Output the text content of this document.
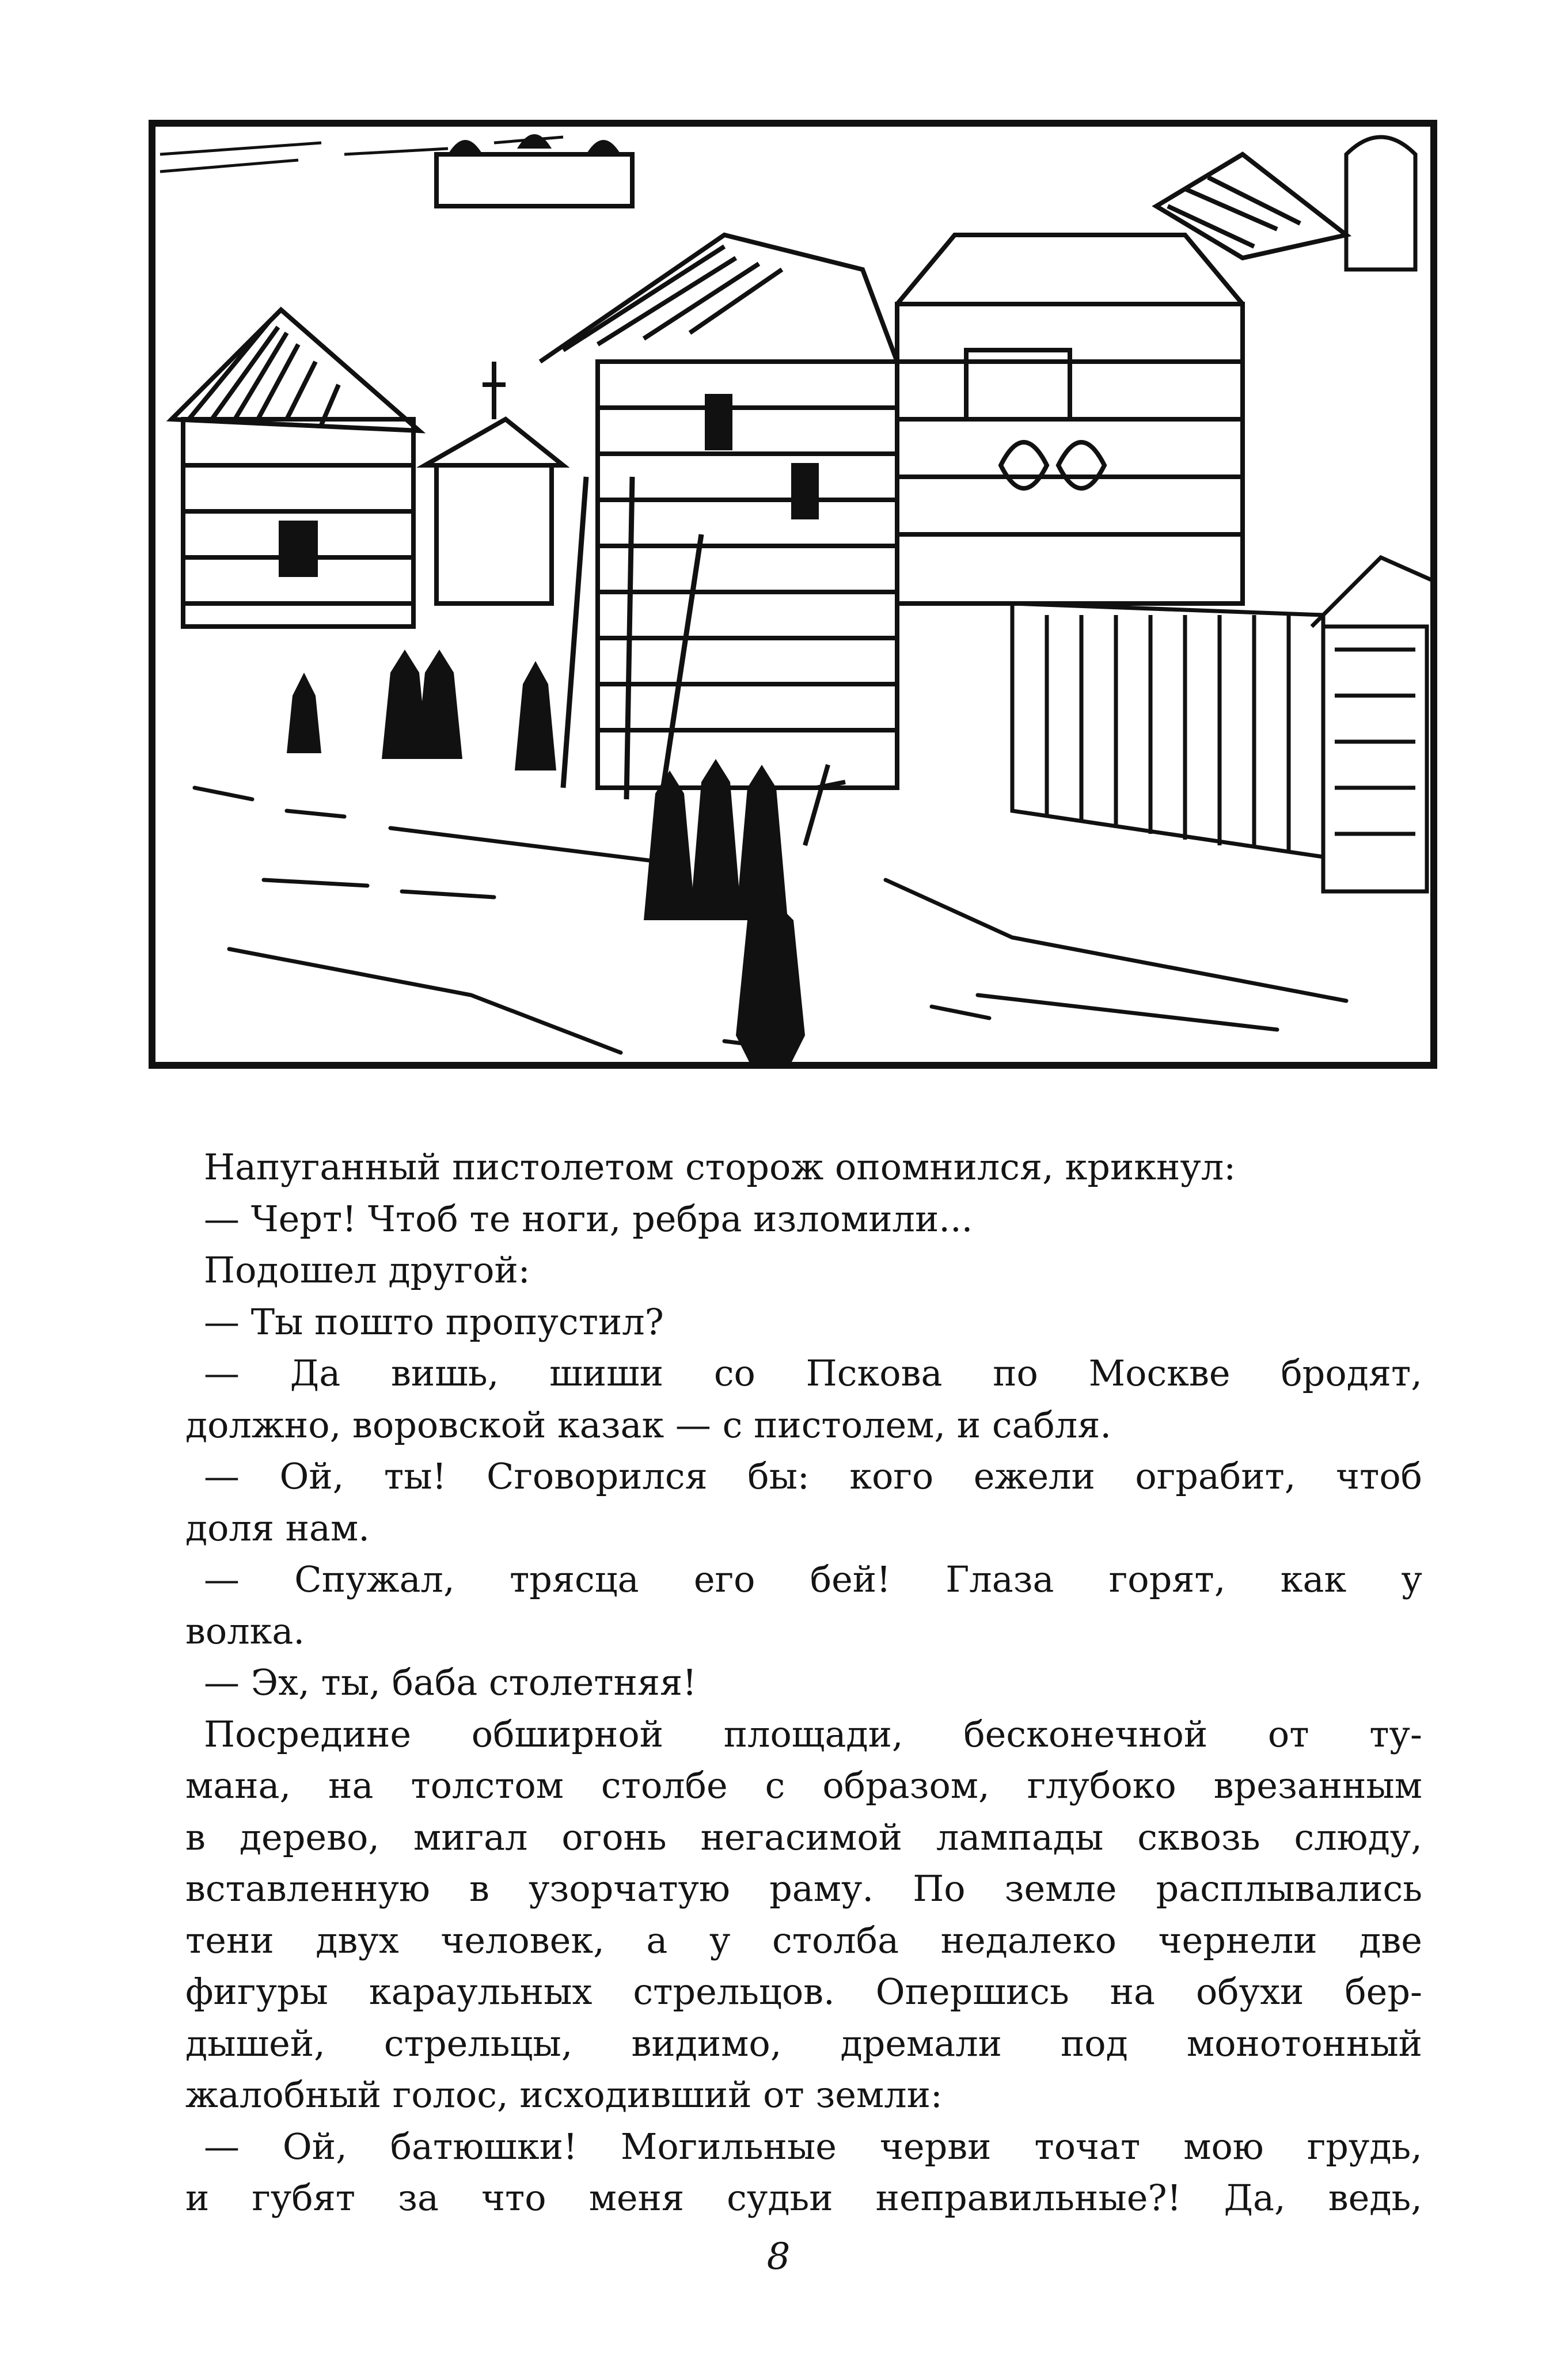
Напуганный пистолетом сторож опомнился, крикнул:
— Черт! Чтоб те ноги, ребра изломили...
Подошел другой:
— Ты пошто пропустил?
— Да вишь, шиши со Пскова по Москве бродят,
должно, воровской казак — с пистолем, и сабля.
— Ой, ты! Сговорился бы: кого ежели ограбит, чтоб
доля нам.
— Спужал, трясца его бей! Глаза горят, как у
волка.
— Эх, ты, баба столетняя!
Посредине обширной площади, бесконечной от ту-
мана, на толстом столбе с образом, глубоко врезанным
в дерево, мигал огонь негасимой лампады сквозь слюду,
вставленную в узорчатую раму. По земле расплывались
тени двух человек, а у столба недалеко чернели две
фигуры караульных стрельцов. Опершись на обухи бер-
дышей, стрельцы, видимо, дремали под монотонный
жалобный голос, исходивший от земли:
— Ой, батюшки! Могильные черви точат мою грудь,
и губят за что меня судьи неправильные?! Да, ведь,
8
